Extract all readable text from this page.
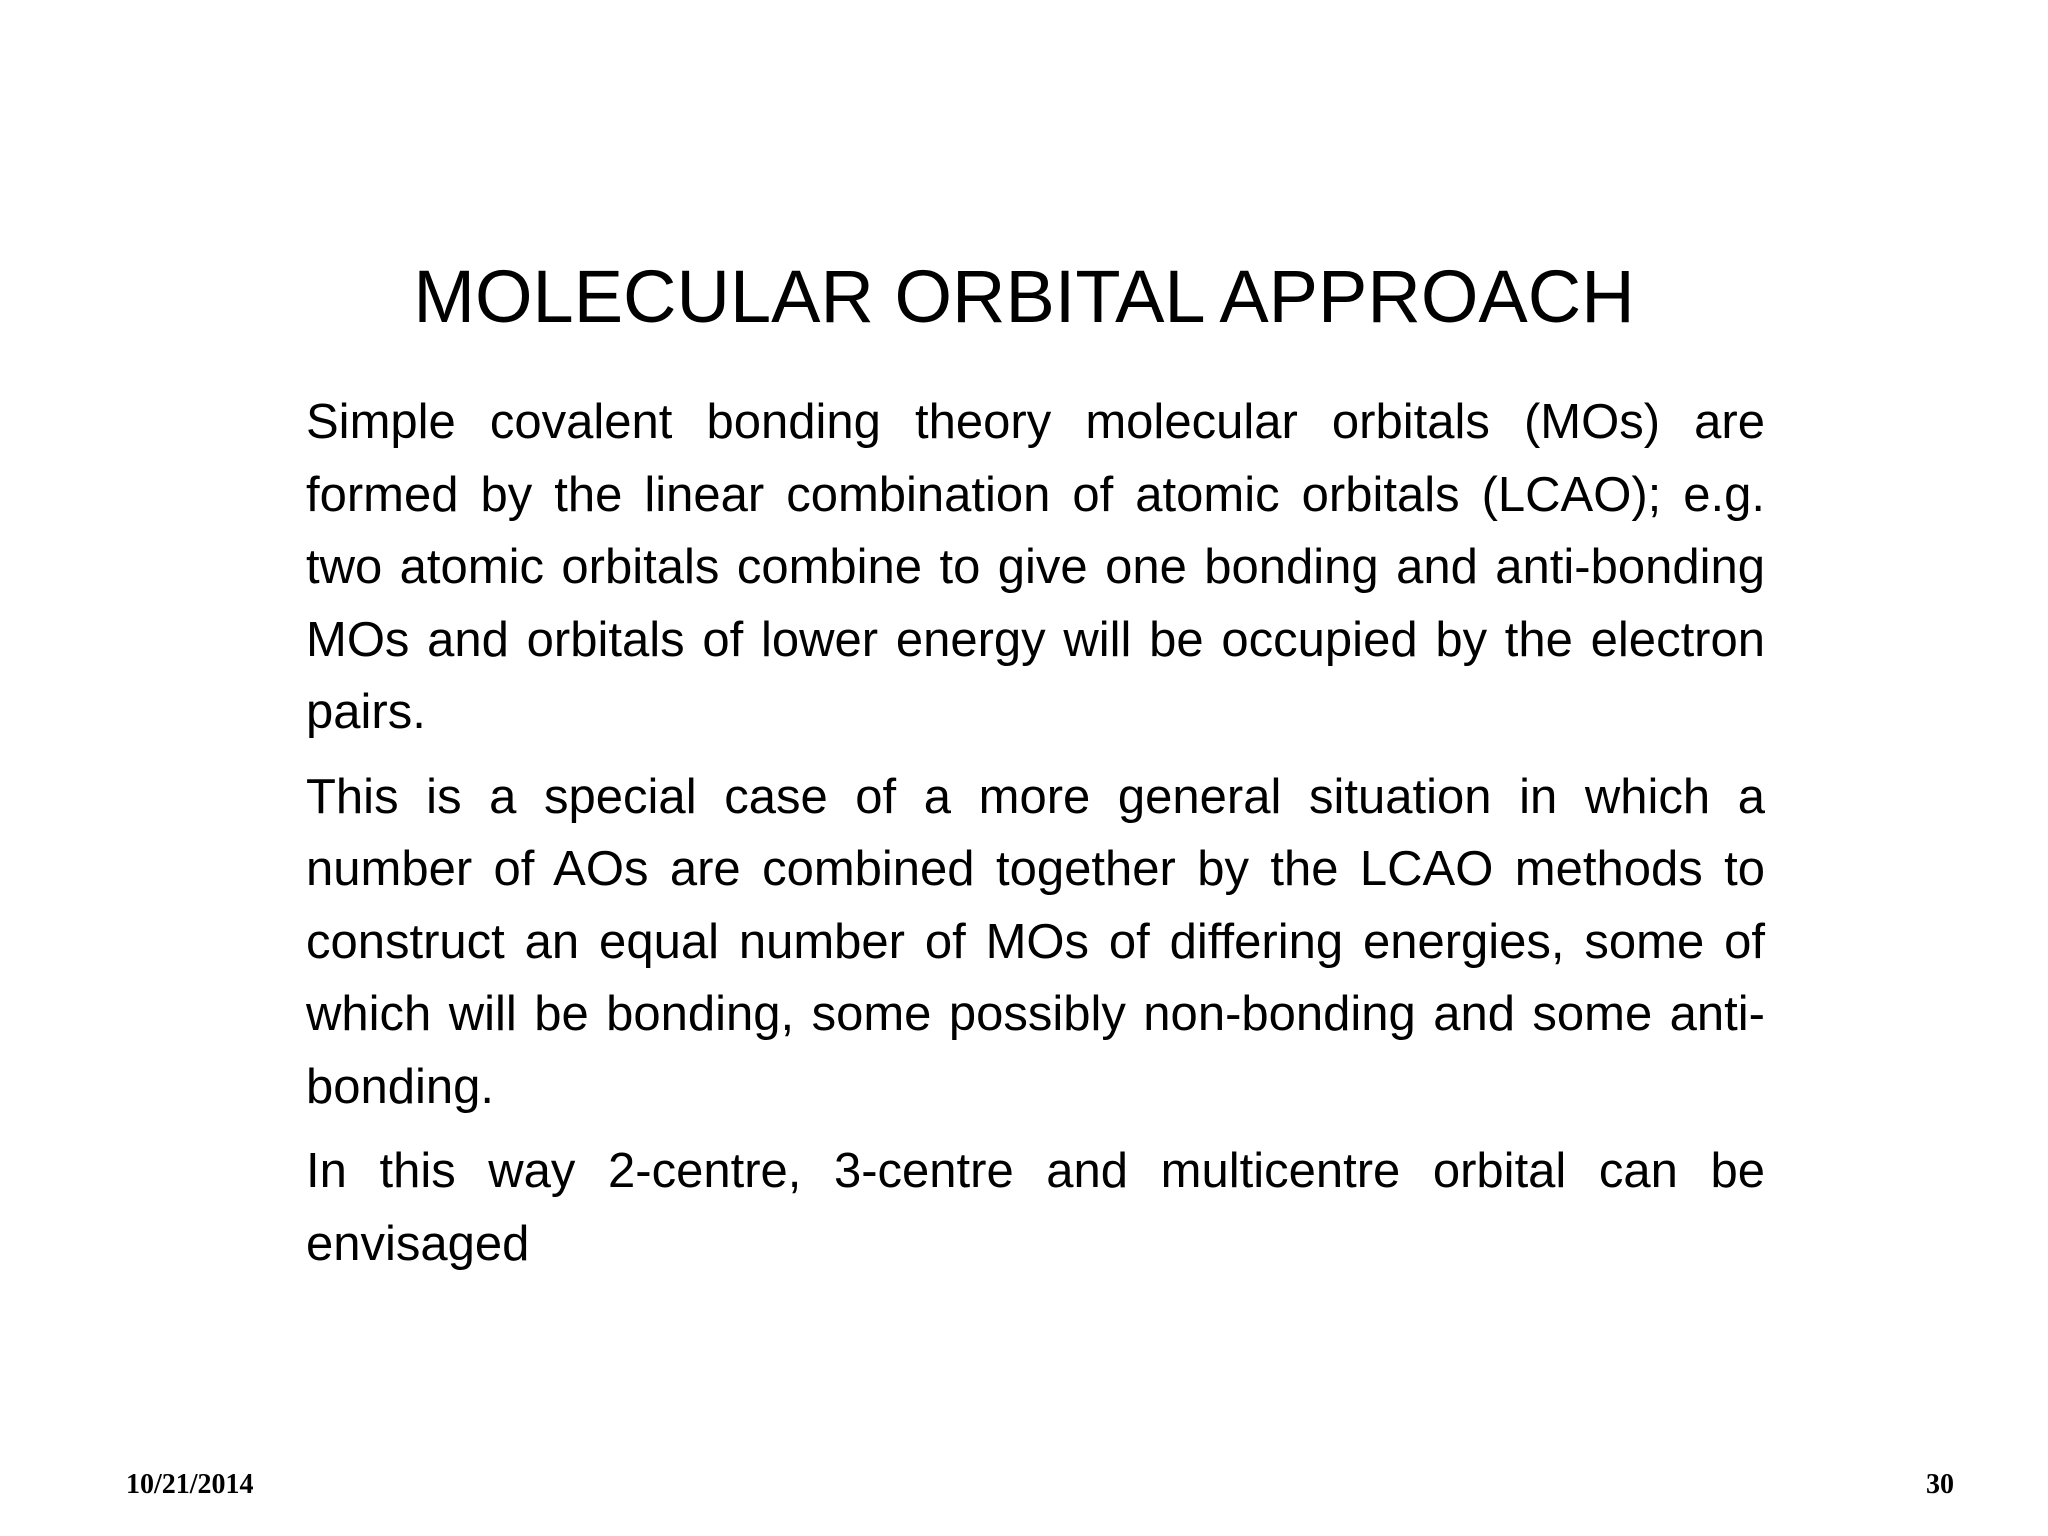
MOLECULAR ORBITAL APPROACH

Simple covalent bonding theory molecular orbitals (MOs) are formed by the linear combination of atomic orbitals (LCAO); e.g. two atomic orbitals combine to give one bonding and anti-bonding MOs and orbitals of lower energy will be occupied by the electron pairs.

This is a special case of a more general situation in which a number of AOs are combined together by the LCAO methods to construct an equal number of MOs of differing energies, some of which will be bonding, some possibly non-bonding and some anti-bonding.

In this way 2-centre, 3-centre and multicentre orbital can be envisaged

10/21/2014	30
